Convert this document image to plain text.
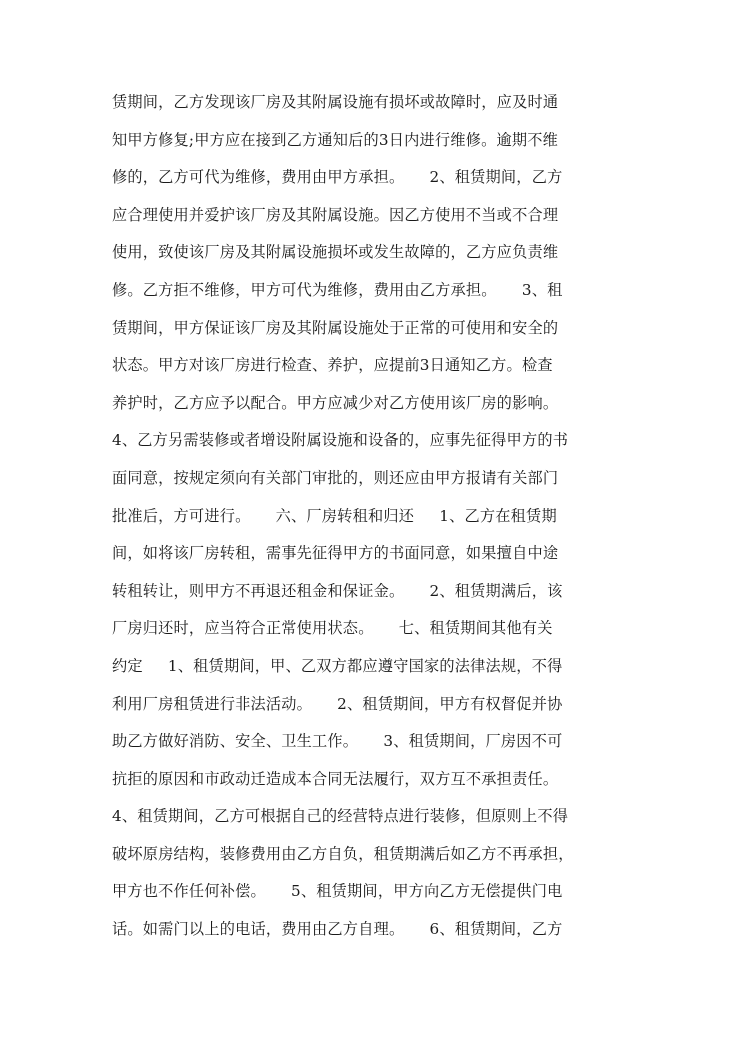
赁期间，乙方发现该厂房及其附属设施有损坏或故障时，应及时通
知甲方修复;甲方应在接到乙方通知后的3日内进行维修。逾期不维
修的，乙方可代为维修，费用由甲方承担。     2、租赁期间，乙方
应合理使用并爱护该厂房及其附属设施。因乙方使用不当或不合理
使用，致使该厂房及其附属设施损坏或发生故障的，乙方应负责维
修。乙方拒不维修，甲方可代为维修，费用由乙方承担。     3、租
赁期间，甲方保证该厂房及其附属设施处于正常的可使用和安全的
状态。甲方对该厂房进行检查、养护，应提前3日通知乙方。检查
养护时，乙方应予以配合。甲方应减少对乙方使用该厂房的影响。
4、乙方另需装修或者增设附属设施和设备的，应事先征得甲方的书
面同意，按规定须向有关部门审批的，则还应由甲方报请有关部门
批准后，方可进行。     六、厂房转租和归还     1、乙方在租赁期
间，如将该厂房转租，需事先征得甲方的书面同意，如果擅自中途
转租转让，则甲方不再退还租金和保证金。     2、租赁期满后，该
厂房归还时，应当符合正常使用状态。     七、租赁期间其他有关
约定     1、租赁期间，甲、乙双方都应遵守国家的法律法规，不得
利用厂房租赁进行非法活动。     2、租赁期间，甲方有权督促并协
助乙方做好消防、安全、卫生工作。     3、租赁期间，厂房因不可
抗拒的原因和市政动迁造成本合同无法履行，双方互不承担责任。
4、租赁期间，乙方可根据自己的经营特点进行装修，但原则上不得
破坏原房结构，装修费用由乙方自负，租赁期满后如乙方不再承担，
甲方也不作任何补偿。     5、租赁期间，甲方向乙方无偿提供门电
话。如需门以上的电话，费用由乙方自理。     6、租赁期间，乙方
